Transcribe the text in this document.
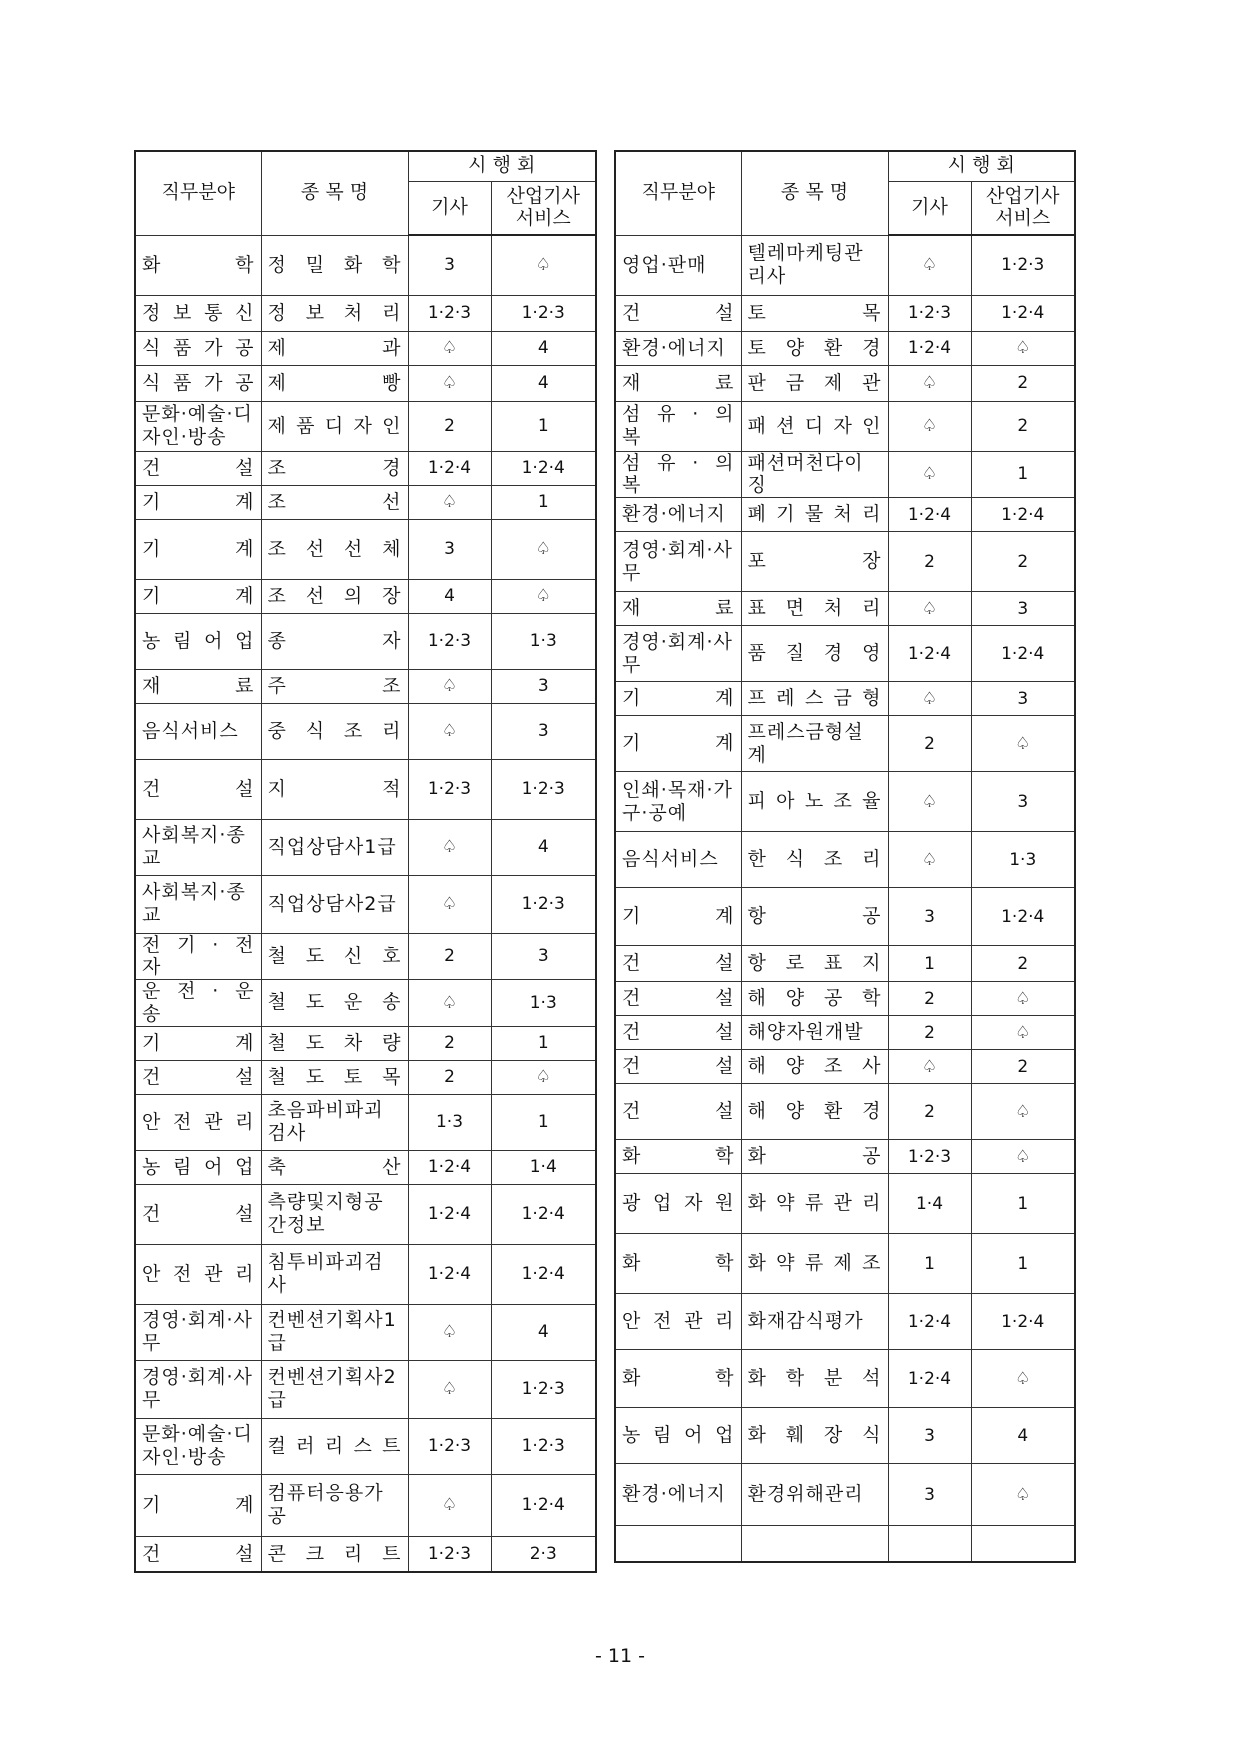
직무분야	종 목 명	시 행 회	
		기사	산업기사 서비스
화 학	정 밀 화 학	3	♤
정 보 통 신	정 보 처 리	1·2·3	1·2·3
식 품 가 공	제 과	♤	4
식 품 가 공	제 빵	♤	4
문화·예술·디자인·방송	제 품 디 자 인	2	1
건 설	조 경	1·2·4	1·2·4
기 계	조 선	♤	1
기 계	조 선 선 체	3	♤
기 계	조 선 의 장	4	♤
농 림 어 업	종 자	1·2·3	1·3
재 료	주 조	♤	3
음식서비스	중 식 조 리	♤	3
건 설	지 적	1·2·3	1·2·3
사회복지·종교	직업상담사1급	♤	4
사회복지·종교	직업상담사2급	♤	1·2·3
전 기 · 전 자	철 도 신 호	2	3
운 전 · 운 송	철 도 운 송	♤	1·3
기 계	철 도 차 량	2	1
건 설	철 도 토 목	2	♤
안 전 관 리	초음파비파괴검사	1·3	1
농 림 어 업	축 산	1·2·4	1·4
건 설	측량및지형공간정보	1·2·4	1·2·4
안 전 관 리	침투비파괴검사	1·2·4	1·2·4
경영·회계·사무	컨벤션기획사1급	♤	4
경영·회계·사무	컨벤션기획사2급	♤	1·2·3
문화·예술·디자인·방송	컬 러 리 스 트	1·2·3	1·2·3
기 계	컴퓨터응용가공	♤	1·2·4
건 설	콘 크 리 트	1·2·3	2·3
직무분야	종 목 명	시 행 회	
		기사	산업기사 서비스
영업·판매	텔레마케팅관리사	♤	1·2·3
건 설	토 목	1·2·3	1·2·4
환경·에너지	토 양 환 경	1·2·4	♤
재 료	판 금 제 관	♤	2
섬 유 · 의 복	패 션 디 자 인	♤	2
섬 유 · 의 복	패션머천다이징	♤	1
환경·에너지	폐 기 물 처 리	1·2·4	1·2·4
경영·회계·사무	포 장	2	2
재 료	표 면 처 리	♤	3
경영·회계·사무	품 질 경 영	1·2·4	1·2·4
기 계	프 레 스 금 형	♤	3
기 계	프레스금형설계	2	♤
인쇄·목재·가구·공예	피 아 노 조 율	♤	3
음식서비스	한 식 조 리	♤	1·3
기 계	항 공	3	1·2·4
건 설	항 로 표 지	1	2
건 설	해 양 공 학	2	♤
건 설	해양자원개발	2	♤
건 설	해 양 조 사	♤	2
건 설	해 양 환 경	2	♤
화 학	화 공	1·2·3	♤
광 업 자 원	화 약 류 관 리	1·4	1
화 학	화 약 류 제 조	1	1
안 전 관 리	화재감식평가	1·2·4	1·2·4
화 학	화 학 분 석	1·2·4	♤
농 림 어 업	화 훼 장 식	3	4
환경·에너지	환경위해관리	3	♤

- 11 -
